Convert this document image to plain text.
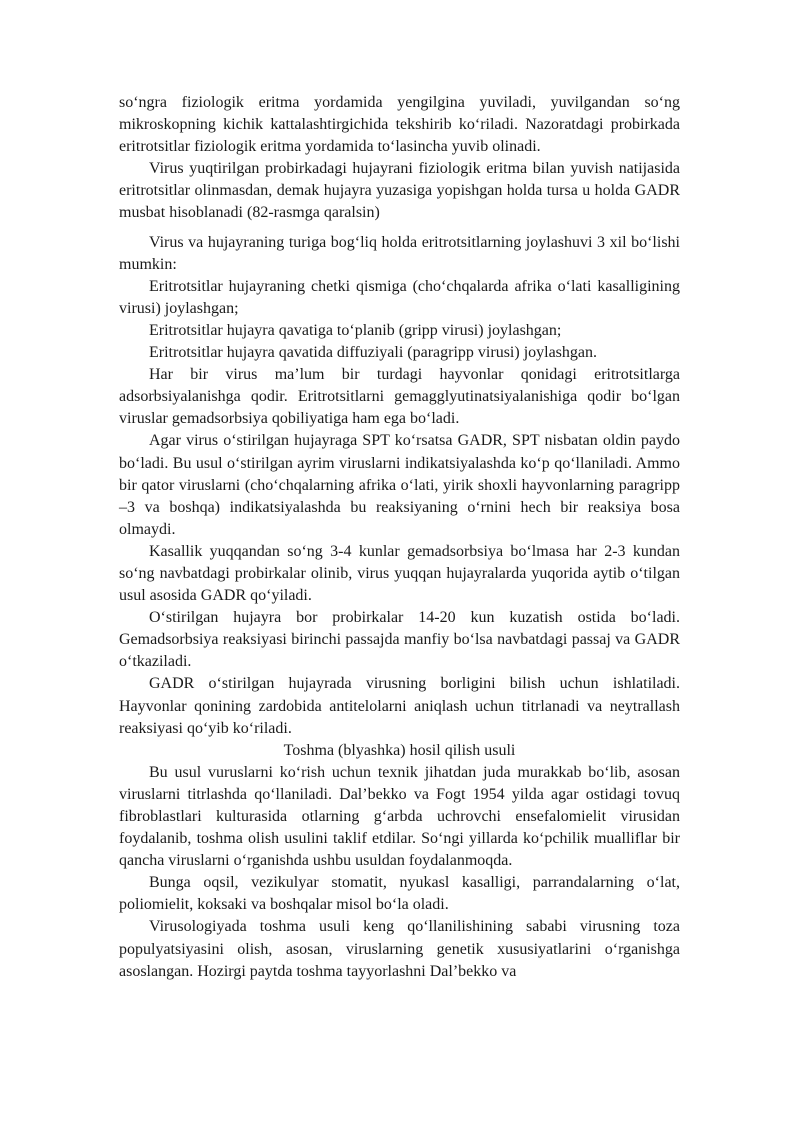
so‘ngra fiziologik eritma yordamida yengilgina yuviladi, yuvilgandan so‘ng mikroskopning kichik kattalashtirgichida tekshirib ko‘riladi. Nazoratdagi probirkada eritrotsitlar fiziologik eritma yordamida to‘lasincha yuvib olinadi.

Virus yuqtirilgan probirkadagi hujayrani fiziologik eritma bilan yuvish natijasida eritrotsitlar olinmasdan, demak hujayra yuzasiga yopishgan holda tursa u holda GADR musbat hisoblanadi (82-rasmga qaralsin)

Virus va hujayraning turiga bog‘liq holda eritrotsitlarning joylashuvi 3 xil bo‘lishi mumkin:

Eritrotsitlar hujayraning chetki qismiga (cho‘chqalarda afrika o‘lati kasalligining virusi) joylashgan;

Eritrotsitlar hujayra qavatiga to‘planib (gripp virusi) joylashgan;

Eritrotsitlar hujayra qavatida diffuziyali (paragripp virusi) joylashgan.

Har bir virus ma’lum bir turdagi hayvonlar qonidagi eritrotsitlarga adsorbsiyalanishga qodir. Eritrotsitlarni gemagglyutinatsiyalanishiga qodir bo‘lgan viruslar gemadsorbsiya qobiliyatiga ham ega bo‘ladi.

Agar virus o‘stirilgan hujayraga SPT ko‘rsatsa GADR, SPT nisbatan oldin paydo bo‘ladi. Bu usul o‘stirilgan ayrim viruslarni indikatsiyalashda ko‘p qo‘llaniladi. Ammo bir qator viruslarni (cho‘chqalarning afrika o‘lati, yirik shoxli hayvonlarning paragripp –3 va boshqa) indikatsiyalashda bu reaksiyaning o‘rnini hech bir reaksiya bosa olmaydi.

Kasallik yuqqandan so‘ng 3-4 kunlar gemadsorbsiya bo‘lmasa har 2-3 kundan so‘ng navbatdagi probirkalar olinib, virus yuqqan hujayralarda yuqorida aytib o‘tilgan usul asosida GADR qo‘yiladi.

O‘stirilgan hujayra bor probirkalar 14-20 kun kuzatish ostida bo‘ladi. Gemadsorbsiya reaksiyasi birinchi passajda manfiy bo‘lsa navbatdagi passaj va GADR o‘tkaziladi.

GADR o‘stirilgan hujayrada virusning borligini bilish uchun ishlatiladi. Hayvonlar qonining zardobida antitelolarni aniqlash uchun titrlanadi va neytrallash reaksiyasi qo‘yib ko‘riladi.

Toshma (blyashka) hosil qilish usuli

Bu usul vuruslarni ko‘rish uchun texnik jihatdan juda murakkab bo‘lib, asosan viruslarni titrlashda qo‘llaniladi. Dal’bekko va Fogt 1954 yilda agar ostidagi tovuq fibroblastlari kulturasida otlarning g‘arbda uchrovchi ensefalomielit virusidan foydalanib, toshma olish usulini taklif etdilar. So‘ngi yillarda ko‘pchilik mualliflar bir qancha viruslarni o‘rganishda ushbu usuldan foydalanmoqda.

Bunga oqsil, vezikulyar stomatit, nyukasl kasalligi, parrandalarning o‘lat, poliomielit, koksaki va boshqalar misol bo‘la oladi.

Virusologiyada toshma usuli keng qo‘llanilishining sababi virusning toza populyatsiyasini olish, asosan, viruslarning genetik xususiyatlarini o‘rganishga asoslangan. Hozirgi paytda toshma tayyorlashni Dal’bekko va
